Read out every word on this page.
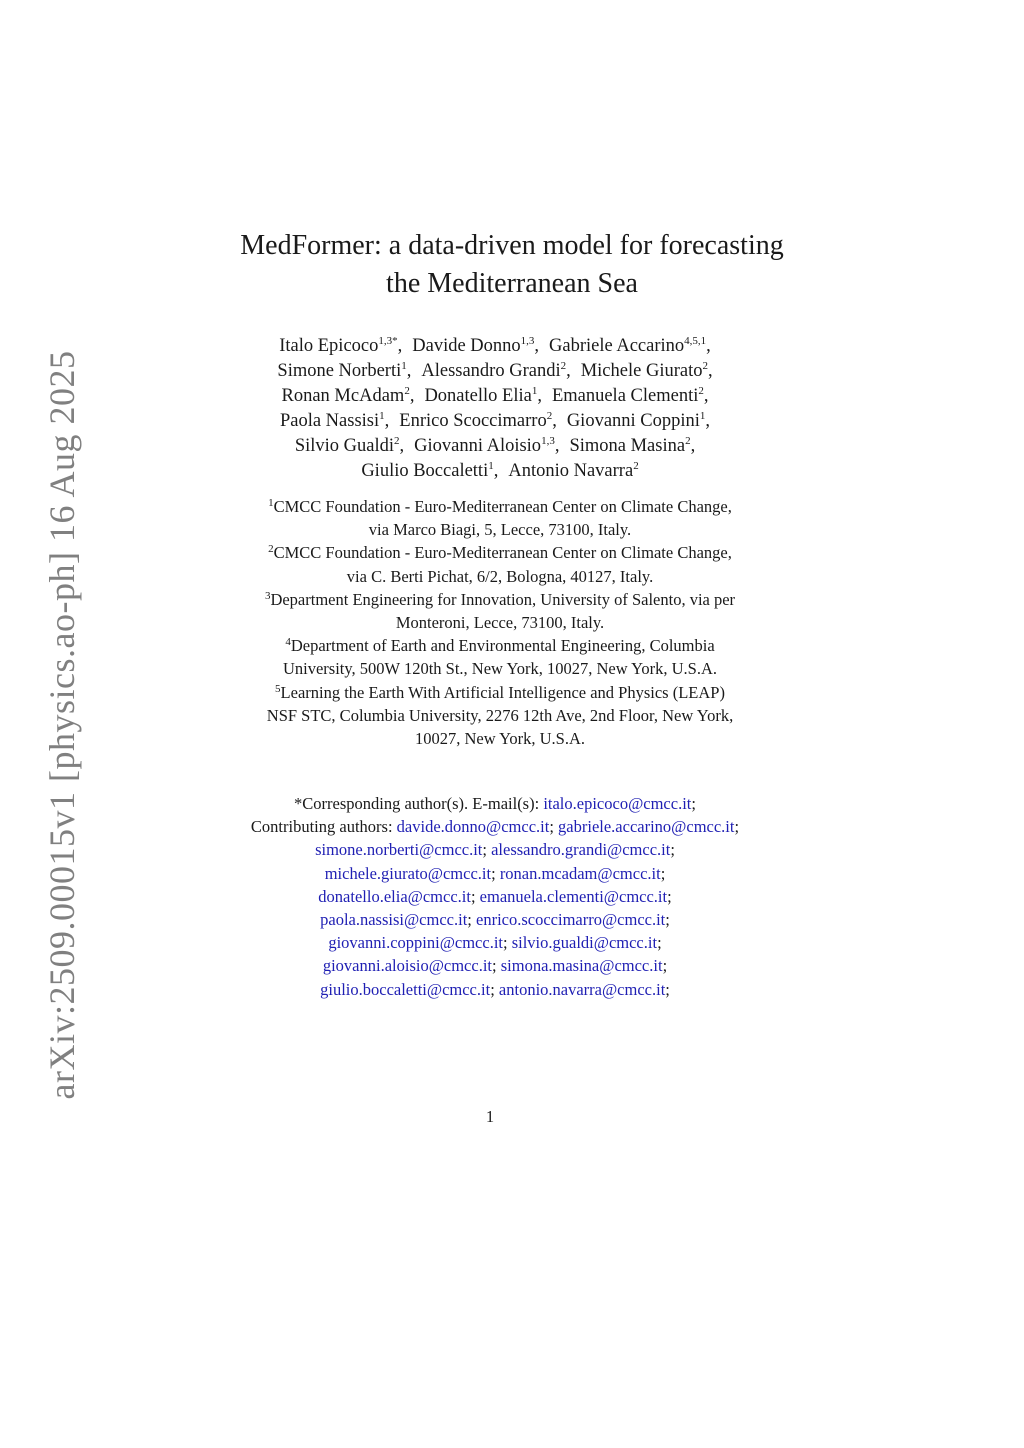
arXiv:2509.00015v1 [physics.ao-ph] 16 Aug 2025
MedFormer: a data-driven model for forecasting
the Mediterranean Sea
Italo Epicoco$^{1,3*}$, Davide Donno$^{1,3}$, Gabriele Accarino$^{4,5,1}$,
Simone Norberti$^1$, Alessandro Grandi$^2$, Michele Giurato$^2$,
Ronan McAdam$^2$, Donatello Elia$^1$, Emanuela Clementi$^2$,
Paola Nassisi$^1$, Enrico Scoccimarro$^2$, Giovanni Coppini$^1$,
Silvio Gualdi$^2$, Giovanni Aloisio$^{1,3}$, Simona Masina$^2$,
Giulio Boccaletti$^1$, Antonio Navarra$^2$
$^1$CMCC Foundation - Euro-Mediterranean Center on Climate Change,
via Marco Biagi, 5, Lecce, 73100, Italy.
$^2$CMCC Foundation - Euro-Mediterranean Center on Climate Change,
via C. Berti Pichat, 6/2, Bologna, 40127, Italy.
$^3$Department Engineering for Innovation, University of Salento, via per
Monteroni, Lecce, 73100, Italy.
$^4$Department of Earth and Environmental Engineering, Columbia
University, 500W 120th St., New York, 10027, New York, U.S.A.
$^5$Learning the Earth With Artificial Intelligence and Physics (LEAP)
NSF STC, Columbia University, 2276 12th Ave, 2nd Floor, New York,
10027, New York, U.S.A.
*Corresponding author(s). E-mail(s): italo.epicoco@cmcc.it;
Contributing authors: davide.donno@cmcc.it; gabriele.accarino@cmcc.it;
simone.norberti@cmcc.it; alessandro.grandi@cmcc.it;
michele.giurato@cmcc.it; ronan.mcadam@cmcc.it;
donatello.elia@cmcc.it; emanuela.clementi@cmcc.it;
paola.nassisi@cmcc.it; enrico.scoccimarro@cmcc.it;
giovanni.coppini@cmcc.it; silvio.gualdi@cmcc.it;
giovanni.aloisio@cmcc.it; simona.masina@cmcc.it;
giulio.boccaletti@cmcc.it; antonio.navarra@cmcc.it;
1
